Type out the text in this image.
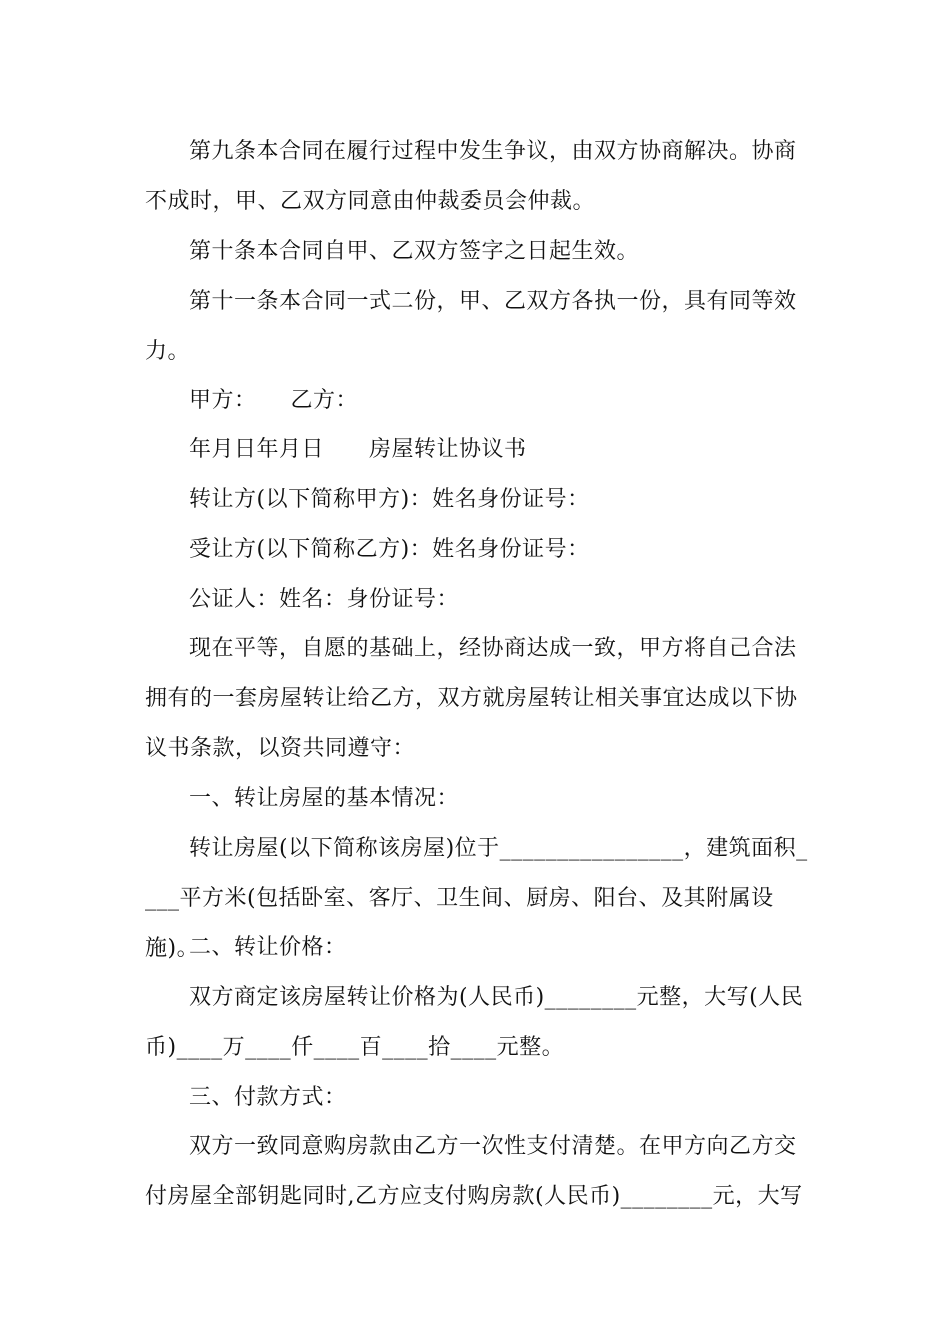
第九条本合同在履行过程中发生争议，由双方协商解决。协商不成时，甲、乙双方同意由仲裁委员会仲裁。

第十条本合同自甲、乙双方签字之日起生效。

第十一条本合同一式二份，甲、乙双方各执一份，具有同等效力。

甲方：　　乙方：

年月日年月日　　房屋转让协议书

转让方(以下简称甲方)：姓名身份证号：

受让方(以下简称乙方)：姓名身份证号：

公证人：姓名：身份证号：

现在平等，自愿的基础上，经协商达成一致，甲方将自己合法拥有的一套房屋转让给乙方，双方就房屋转让相关事宜达成以下协议书条款，以资共同遵守：

一、转让房屋的基本情况：

转让房屋(以下简称该房屋)位于________________，建筑面积____平方米(包括卧室、客厅、卫生间、厨房、阳台、及其附属设施)。

二、转让价格：

双方商定该房屋转让价格为(人民币)________元整，大写(人民币)____万____仟____百____拾____元整。

三、付款方式：

双方一致同意购房款由乙方一次性支付清楚。在甲方向乙方交付房屋全部钥匙同时,乙方应支付购房款(人民币)________元，大写
